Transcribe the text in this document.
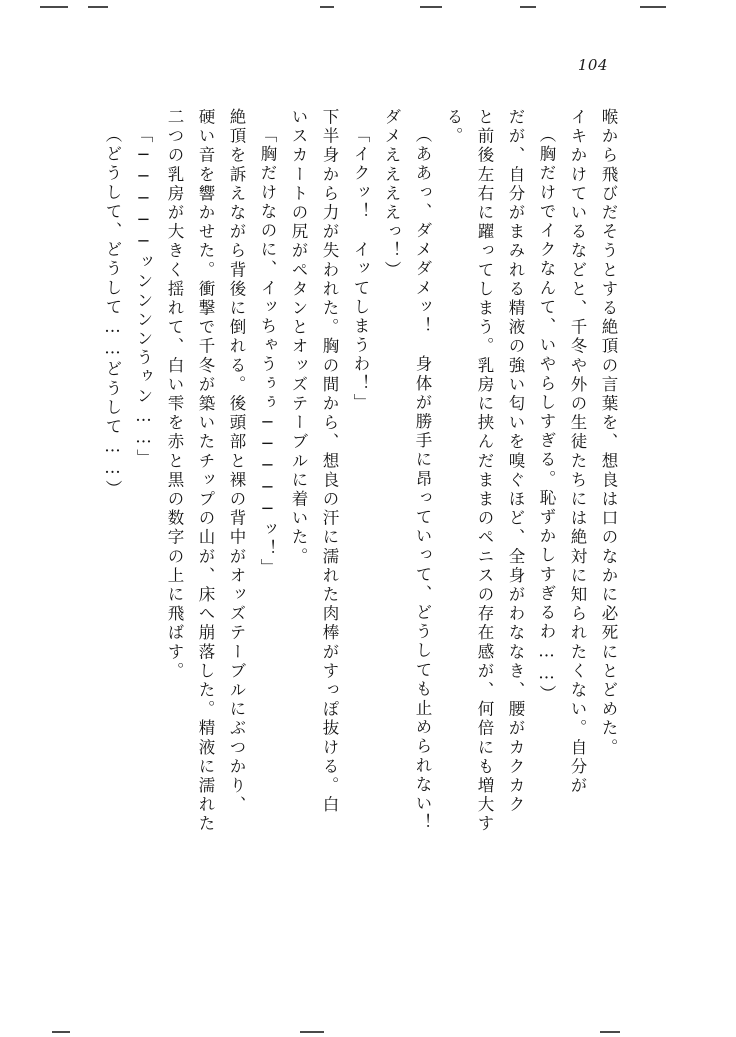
104
喉から飛びだそうとする絶頂の言葉を、想良は口のなかに必死にとどめた。
イキかけているなどと、千冬や外の生徒たちには絶対に知られたくない。自分が
（胸だけでイクなんて、いやらしすぎる。恥ずかしすぎるわ……）
だが、自分がまみれる精液の強い匂いを嗅ぐほど、全身がわななき、腰がカクカク
と前後左右に躍ってしまう。乳房に挟んだままのペニスの存在感が、何倍にも増大す
る。
（ああっ、ダメダメッ！　身体が勝手に昂っていって、どうしても止められない！
ダメええええっ！）
「イクッ！　イッてしまうわ！」
下半身から力が失われた。胸の間から、想良の汗に濡れた肉棒がすっぽ抜ける。白
いスカートの尻がペタンとオッズテーブルに着いた。
「胸だけなのに、イッちゃうぅぅ─────ッ！」
絶頂を訴えながら背後に倒れる。後頭部と裸の背中がオッズテーブルにぶつかり、
硬い音を響かせた。衝撃で千冬が築いたチップの山が、床へ崩落した。精液に濡れた
二つの乳房が大きく揺れて、白い雫を赤と黒の数字の上に飛ばす。
「─────ッンンンンうゥン……」
（どうして、どうして……どうして……）
